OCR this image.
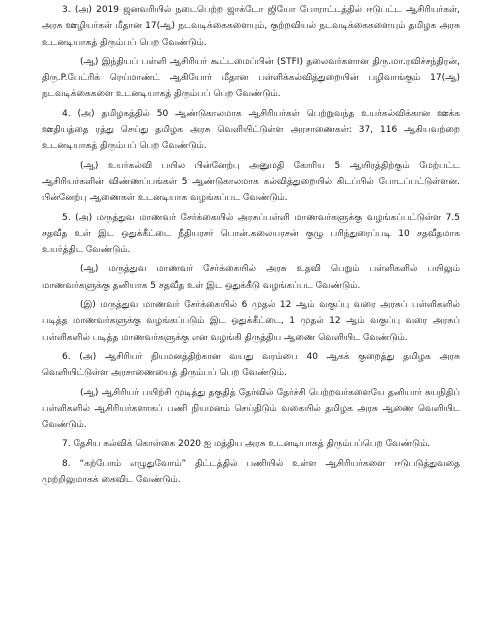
3. (அ) 2019 ஜனவரியில் நடைபெற்ற ஜாக்டோ ஜியோ போராட்டத்தில் ஈடுபட்ட ஆசிரியர்கள், அரசு ஊழியர்கள் மீதான 17(ஆ) நடவடிக்கைகளையும், குற்றவியல் நடவடிக்கைகளையும் தமிழக அரசு உடனடியாகத் திரும்பப் பெற வேண்டும்.

(ஆ) இந்தியப் பள்ளி ஆசிரியர் கூட்டமைப்பின் (STFI) தலைவர்களான திரு.மா.ரவிச்சந்திரன், திரு.P.பேட்ரிக் ரெய்மாண்ட் ஆகியோர் மீதான பள்ளிக்கல்வித்துறையின் பழிவாங்கும் 17(ஆ) நடவடிக்கைகளை உடனடியாகத் திரும்பப் பெற வேண்டும்.

4. (அ) தமிழகத்தில் 50 ஆண்டுகாலமாக ஆசிரியர்கள் பெற்றுவந்த உயர்கல்விக்கான ஊக்க ஊதியத்தை ரத்து செய்து தமிழக அரசு வெளியிட்டுள்ள அரசாணைகள்: 37, 116 ஆகியவற்றை உடனடியாகத் திரும்பப் பெற வேண்டும்.

(ஆ) உயர்கல்வி பயில பின்னேற்பு அனுமதி கோரிய 5 ஆயிரத்திற்கும் மேற்பட்ட ஆசிரியர்களின் விண்ணப்பங்கள் 5 ஆண்டுகாலமாக கல்வித்துறையில் கிடப்பில் போடப்பட்டுள்ளன. பின்னேற்பு ஆணைகள் உடனடியாக வழங்கப்பட வேண்டும்.

5. (அ) மருத்துவ மாணவர் சேர்க்கையில் அரசுப்பள்ளி மாணவர்களுக்கு வழங்கப்பட்டுள்ள 7.5 சதவீத உள் இட ஒதுக்கீட்டை நீதியரசர் பொன்.கலையரசன் குழு பரிந்துரைப்படி 10 சதவீதமாக உயர்த்திட வேண்டும்.

(ஆ) மருத்துவ மாணவர் சேர்க்கையில் அரசு உதவி பெறும் பள்ளிகளில் பயிலும் மாணவர்களுக்கு தனியாக 5 சதவீத உள் இட ஒதுக்கீடு வழங்கப்பட வேண்டும்.

(இ) மருத்துவ மாணவர் சேர்க்கையில் 6 முதல் 12 ஆம் வகுப்பு வரை அரசுப் பள்ளிகளில் படித்த மாணவர்களுக்கு வழங்கப்படும் இட ஒதுக்கீட்டை, 1 முதல் 12 ஆம் வகுப்பு வரை அரசுப் பள்ளிகளில் படித்த மாணவர்களுக்கு என வழங்கி திருத்திய ஆணை வெளியிட வேண்டும்.

6. (அ) ஆசிரியர் நியமனத்திற்கான வயது வரம்பை 40 ஆகக் குறைத்து தமிழக அரசு வெளியிட்டுள்ள அரசாணையைத் திரும்பப் பெற வேண்டும்.

(ஆ) ஆசிரியர் பயிற்சி முடித்து தகுதித் தேர்வில் தேர்ச்சி பெற்றவர்களையே தனியார் சுயநிதிப் பள்ளிகளில் ஆசிரியர்களாகப் பணி நியமனம் செய்திடும் வகையில் தமிழக அரசு ஆணை வெளியிட வேண்டும்.

7. தேசிய கல்விக் கொள்கை 2020 ஐ மத்திய அரசு உடனடியாகத் திரும்பப்பெற வேண்டும்.

8. “கற்போம் எழுதுவோம்” திட்டத்தில் பணியில் உள்ள ஆசிரியர்களை ஈடுபடுத்துவதை முற்றிலுமாகக் கைவிட வேண்டும்.
